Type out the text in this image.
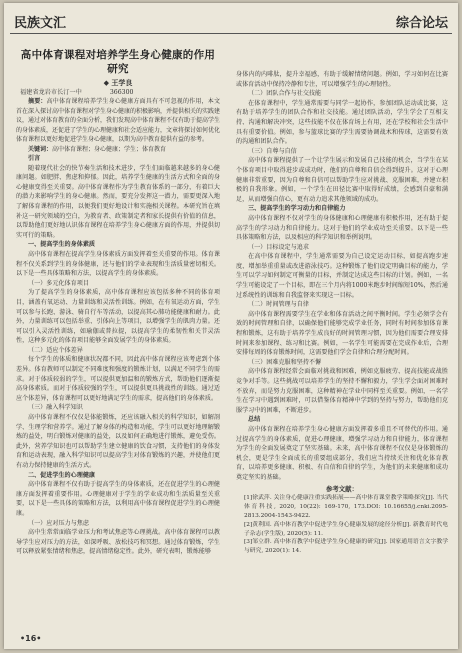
民族文汇	综合论坛
高中体育课程对培养学生身心健康的作用研究
◆ 王学良
福建省龙岩市长汀一中	366300

摘要：高中体育课程培养学生身心健康方面具有不可忽视的作用，本文首在深入探讨高中体育课程对学生身心健康的积极影响，并提供相关的实践建议，通过对体育教育的全面分析，我们发现高中体育课程不仅有助于提高学生的身体素质，还促进了学生的心理健康和社会适应能力，文章将探讨如何优化体育课程以更好地促进学生身心健康，以期为高中教育提供有益的参考。

关键词：高中体育课程；身心健康；学生；体育教育

引言

随着现代社会的快节奏生活和技术进步，学生们面临越来越多的身心健康问题。如肥胖、焦虑和抑郁。因此，培养学生健康的生活方式和全面的身心健康变得至关重要。高中体育课程作为学生教育体系的一部分，有着巨大的潜力来影响学生的身心健康。然而，要充分发挥这一潜力，需要更深入地了解体育课程的作用，以便我们更好地设计和实施相关课程。本研究旨在填补这一研究领域的空白，为教育者、政策制定者和家长提供有价值的信息，以帮助他们更好地认识体育课程在培养学生身心健康方面的作用，并提供切实可行的策略。

一、提高学生的身体素质

高中体育课程在提高学生身体素质方面发挥着至关重要的作用。体育课程不仅关系到学生的身体健康，还与他们的学业表现和生活质量密切相关。以下是一些具体策略和方法，以提高学生的身体素质。

（一）多元化体育项目

为了提高学生的身体素质，高中体育课程应该包括多种不同的体育项目，涵盖有氧运动、力量训练和灵活性训练。例如，在有氧运动方面，学生可以参与长跑、游泳、骑自行车等活动，以提高其心肺功能健康和耐力。此外，力量训练可以包括举重、引体向上等项目，以增强学生的肌肉力量。还可以引入灵活性训练，如瑜伽或普拉提，以提高学生的柔韧性和关节灵活性，这种多元化的体育项目能够全面发展学生的身体素质。

（二）适应个体差异

每个学生的体质和健康状况都不同，因此高中体育课程应该考虑到个体差异。体育教师可以制定不同难度和强度的锻炼计划，以满足不同学生的需求。对于体质较弱的学生，可以提供更加温和的锻炼方式，帮助他们逐渐提高身体素质。而对于体质较强的学生，可以提供更具挑战性的训练。通过适应个体差异，体育课程可以更好地满足学生的需求，提高他们的身体素质。

（三）融入科学知识

高中体育课程不仅仅是体能锻炼，还应该融入相关的科学知识，如解剖学、生理学和营养学。通过了解身体的构造和功能，学生可以更好地理解锻炼的益处，明白锻炼对健康的益处，以及如何正确地进行锻炼，避免受伤。此外，营养学知识也可以帮助学生建立健康的饮食习惯，支持他们的身体发育和运动表现，融入科学知识可以提高学生对体育锻炼的兴趣，并使他们更有动力保持健康的生活方式。

二、促进学生的心理健康

高中体育课程不仅有助于提高学生的身体素质，还在促进学生的心理健康方面发挥着重要作用。心理健康对于学生的学业成功和生活质量至关重要，以下是一些具体的策略和方法，以利用高中体育课程促进学生的心理健康。

（一）应对压力与焦虑

高中生常常面临学业压力和考试焦虑等心理挑战。高中体育课程可以教导学生应对压力的方法，如深呼吸、放松技巧和冥想。通过体育锻炼，学生可以释放紧张情绪和焦虑，提高情绪稳定性。此外，研究表明，锻炼能够

身体内的内啡肽，提升幸福感，有助于缓解情绪问题。例如，学习如何在比赛或体育活动中保持冷静和专注，可以增强学生的心理韧性。

（二）团队合作与社交技能

在体育课程中，学生通常需要与同学一起协作，参加团队运动或比赛，这有助于培养学生的团队合作和社交技能。通过团队活动，学生学会了互相支持、沟通和解决冲突，这些技能不仅在体育场上有用，还在学校和社会生活中具有重要价值。例如，参与篮球比赛的学生需要协调战术和传球，这需要有效的沟通和团队合作。

（三）自尊与自信

高中体育课程提供了一个让学生展示和发展自己技能的机会，当学生在某个体育项目中取得进步或成功时，他们的自尊和自信会得到提升。这对于心理健康非常重要，因为自尊和自信可以帮助学生应对挑战、克服困难，并建立积极的自我形象。例如，一个学生在田径比赛中取得好成绩，会感到自豪和满足，从而增强自信心，更有动力追求其他领域的成功。

三、提高学生的学习动力和自律能力

高中体育课程不仅对学生的身体健康和心理健康有积极作用，还有助于提高学生的学习动力和自律能力。这对于他们的学业成功至关重要。以下是一些具体策略和方法，以及相应的科学知识和举例说明。

（一）目标设定与追求

在高中体育课程中，学生通常需要为自己设定运动目标，如提高跑步速度、增加举重重量或改进游泳技巧。这种锻炼了他们设定明确目标的能力，学生可以学习如何制定可衡量的目标，并制定达成这些目标的计划。例如，一名学生可能设定了一个目标，即在三个月内将1000米跑步时间缩短10%，然后通过系统性的训练和自我监督来实现这一目标。

（二）时间管理与自律

高中体育课程需要学生在学业和体育活动之间平衡时间。学生必须学会有效的时间管理和自律，以确保他们能够完成学业任务，同时有时间参加体育课程和锻炼，这有助于培养学生成良好的时间管理习惯，因为他们需要合理安排时间来参加课程、练习和比赛。例如，一名学生可能需要在完成作业后，合理安排每周的体育锻炼时间，这需要他们学会自律和合理分配时间。

（三）困难克服和坚持不懈

高中体育课程经常会面临对挑战和困难，例如克服疲劳、提高技能或战胜竞争对手等。这些挑战可以培养学生的坚持不懈和毅力，学生学会面对困难时不放弃，而是努力克服困难，这种精神在学业中同样至关重要。例如，一名学生在学习中遇到困难时，可以借鉴体育精神中学到的坚持与努力，帮助他们克服学习中的困难，不断进步。

总结

高中体育课程在培养学生身心健康方面发挥着多重且不可替代的作用。通过提高学生的身体素质，促进心理健康，增强学习动力和自律能力，体育课程为学生的全面发展奠定了坚实基础。未来，高中体育课程不仅仅是身体锻炼的机会，更是学生全面成长的重要组成部分，我们应当持续关注和优化体育教育，以培养更多健康、积极、有自信和自律的学生，为他们的未来健康和成功奠定坚实的基础。

参考文献：

[1]徐武萍. 关注身心健康注重实践拓展——高中体育课堂教学策略探究[J]. 当代体育科技, 2020, 10(22): 169-170, 173.DOI: 10.16655/j.cnki.2095-2813.2004-1543-9422.

[2]黄利国. 高中体育教学中促进学生身心健康发展的途径分析[J]. 新教育时代电子杂志(学生版), 2020(5): 11.

[3]邹立群. 高中体育教学中促进学生身心健康的研究[J]. 国家通用语言文字教学与研究, 2020(1): 14.

•16•
